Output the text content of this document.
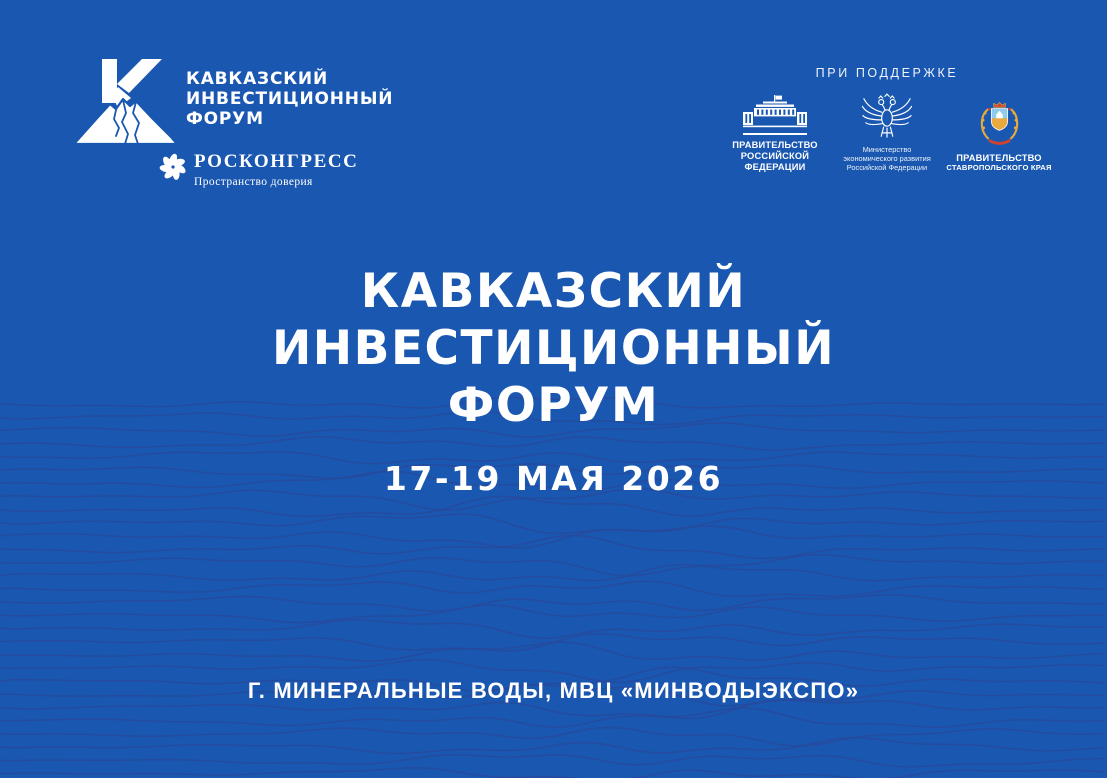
КАВКАЗСКИЙ
ИНВЕСТИЦИОННЫЙ
ФОРУМ
РОСКОНГРЕСС
Пространство доверия
ПРИ ПОДДЕРЖКЕ
ПРАВИТЕЛЬСТВО
РОССИЙСКОЙ
ФЕДЕРАЦИИ
Министерство
экономического развития
Российской Федерации
ПРАВИТЕЛЬСТВО
СТАВРОПОЛЬСКОГО КРАЯ
КАВКАЗСКИЙ
ИНВЕСТИЦИОННЫЙ
ФОРУМ
17-19 МАЯ 2026
Г. МИНЕРАЛЬНЫЕ ВОДЫ, МВЦ «МИНВОДЫЭКСПО»
